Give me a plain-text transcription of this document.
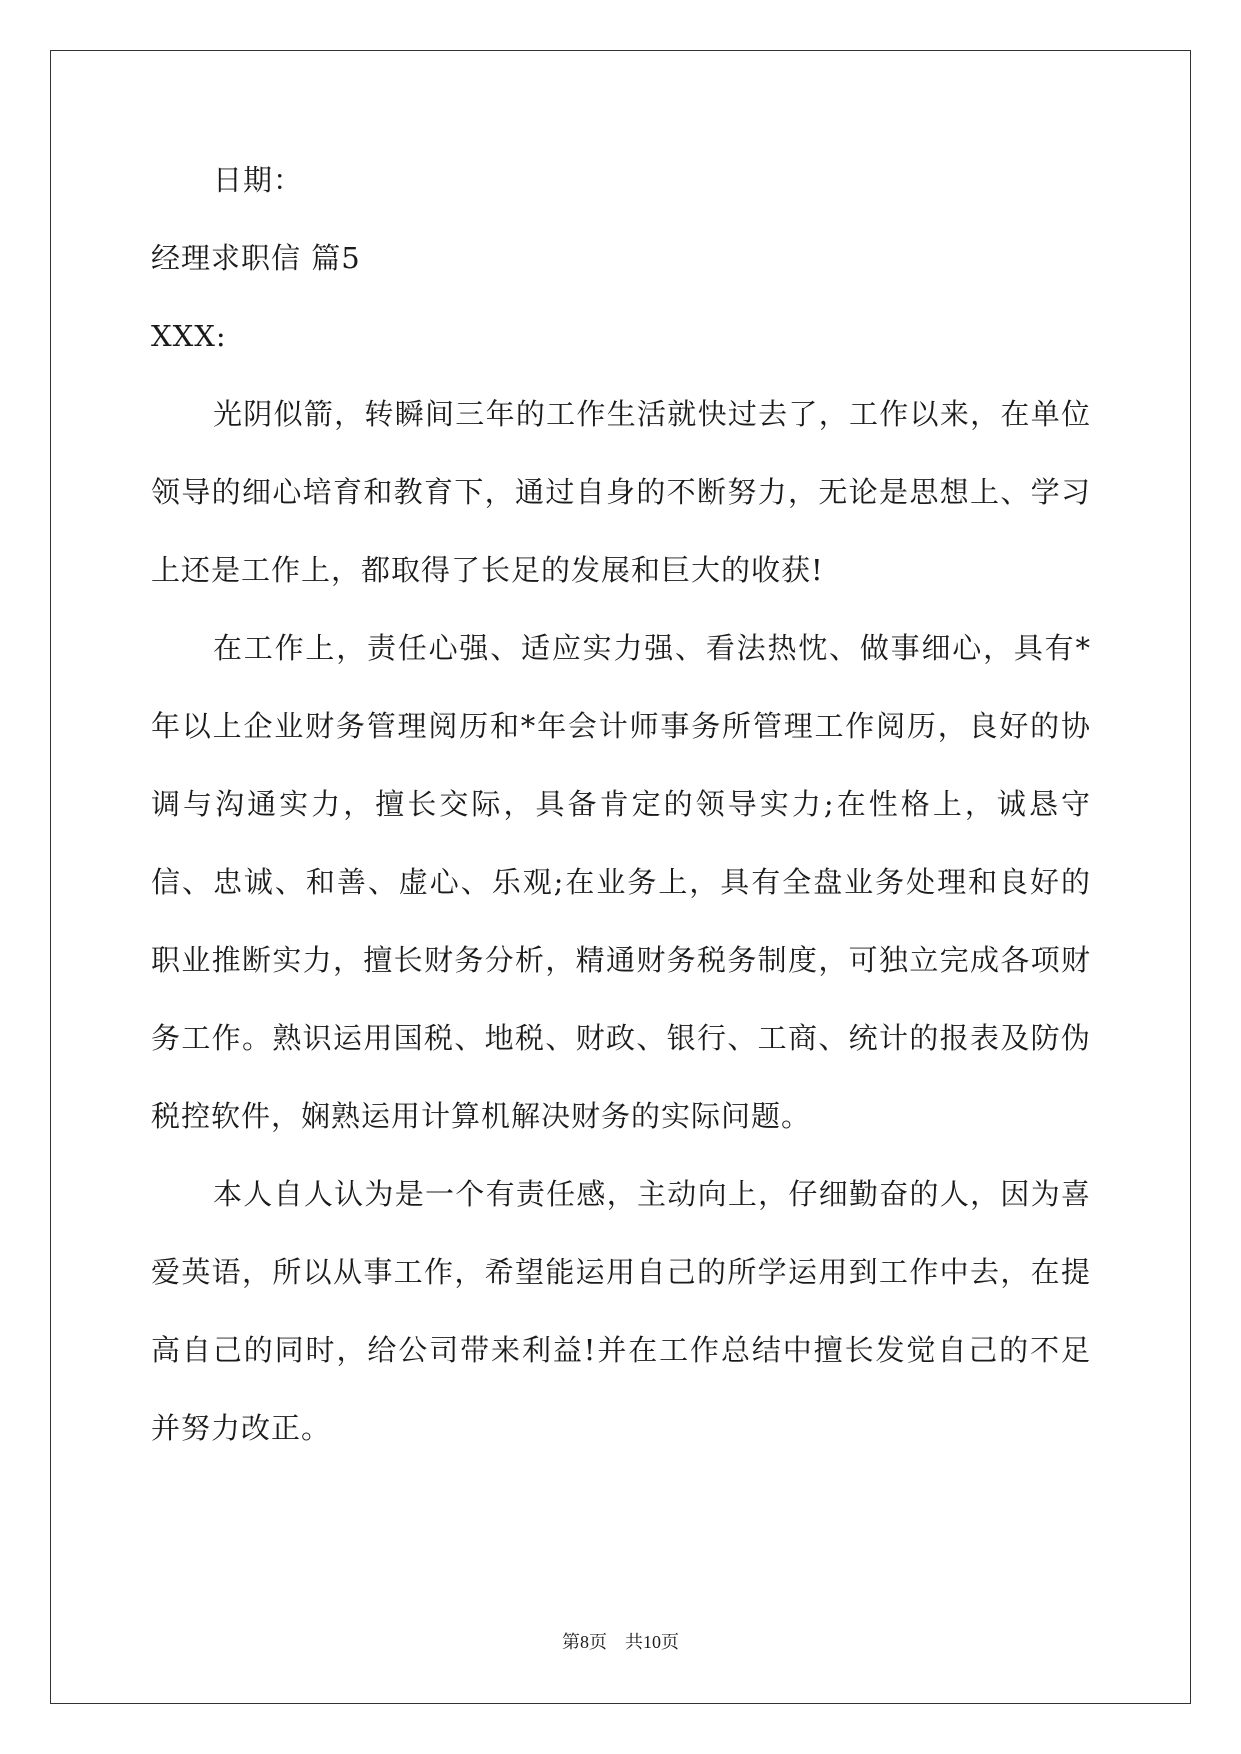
日期：
经理求职信 篇5
XXX:

光阴似箭，转瞬间三年的工作生活就快过去了，工作以来，在单位领导的细心培育和教育下，通过自身的不断努力，无论是思想上、学习上还是工作上，都取得了长足的发展和巨大的收获!

在工作上，责任心强、适应实力强、看法热忱、做事细心，具有*年以上企业财务管理阅历和*年会计师事务所管理工作阅历，良好的协调与沟通实力，擅长交际，具备肯定的领导实力;在性格上，诚恳守信、忠诚、和善、虚心、乐观;在业务上，具有全盘业务处理和良好的职业推断实力，擅长财务分析，精通财务税务制度，可独立完成各项财务工作。熟识运用国税、地税、财政、银行、工商、统计的报表及防伪税控软件，娴熟运用计算机解决财务的实际问题。

本人自人认为是一个有责任感，主动向上，仔细勤奋的人，因为喜爱英语，所以从事工作，希望能运用自己的所学运用到工作中去，在提高自己的同时，给公司带来利益!并在工作总结中擅长发觉自己的不足并努力改正。

第8页 共10页
